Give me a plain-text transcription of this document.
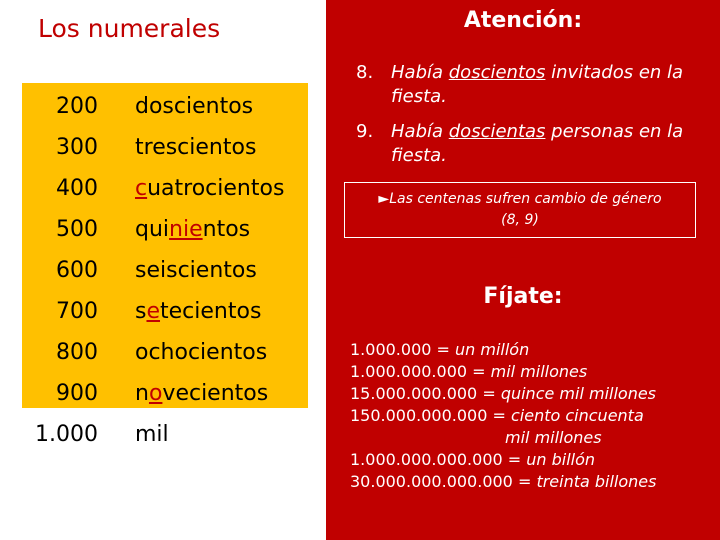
Los numerales
200
300
400
500
600
700
800
900
1.000
doscientos
trescientos
cuatrocientos
quinientos
seiscientos
setecientos
ochocientos
novecientos
mil
Atención:
8. Había doscientos invitados en la fiesta.
9. Había doscientas personas en la fiesta.
►Las centenas sufren cambio de género
(8, 9)
Fíjate:
1.000.000 = un millón
1.000.000.000 = mil millones
15.000.000.000 = quince mil millones
150.000.000.000 = ciento cincuenta
mil millones
1.000.000.000.000 = un billón
30.000.000.000.000 = treinta billones
